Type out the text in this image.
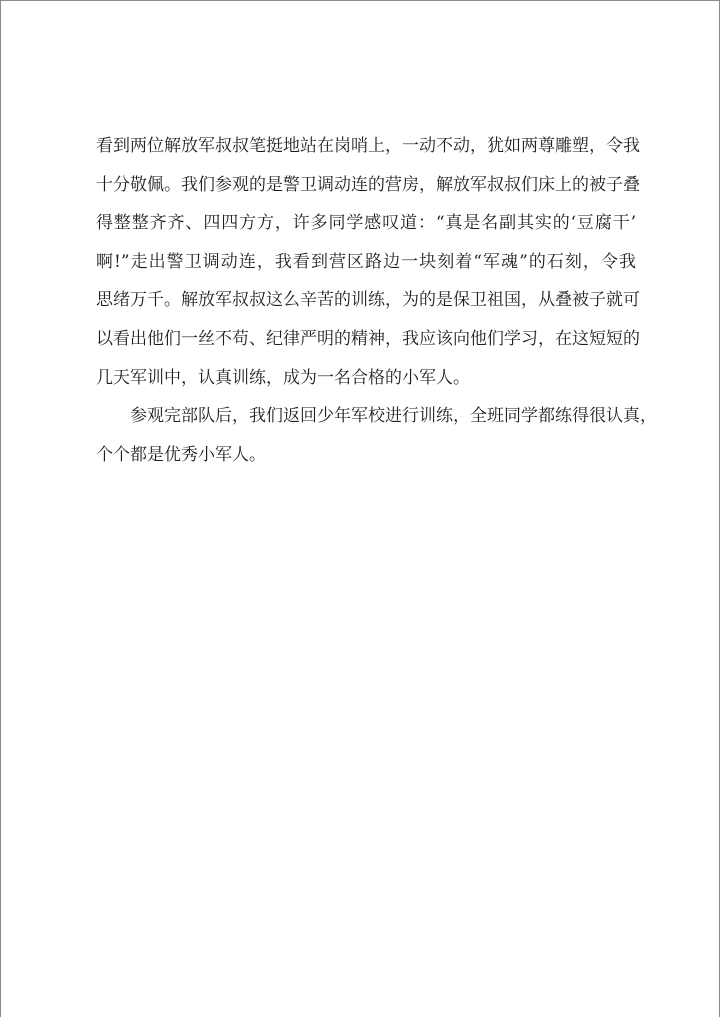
看到两位解放军叔叔笔挺地站在岗哨上，一动不动，犹如两尊雕塑，令我
十分敬佩。我们参观的是警卫调动连的营房，解放军叔叔们床上的被子叠
得整整齐齐、四四方方，许多同学感叹道：“真是名副其实的‘豆腐干’
啊!”走出警卫调动连，我看到营区路边一块刻着“军魂”的石刻，令我
思绪万千。解放军叔叔这么辛苦的训练，为的是保卫祖国，从叠被子就可
以看出他们一丝不苟、纪律严明的精神，我应该向他们学习，在这短短的
几天军训中，认真训练，成为一名合格的小军人。
参观完部队后，我们返回少年军校进行训练，全班同学都练得很认真，
个个都是优秀小军人。
